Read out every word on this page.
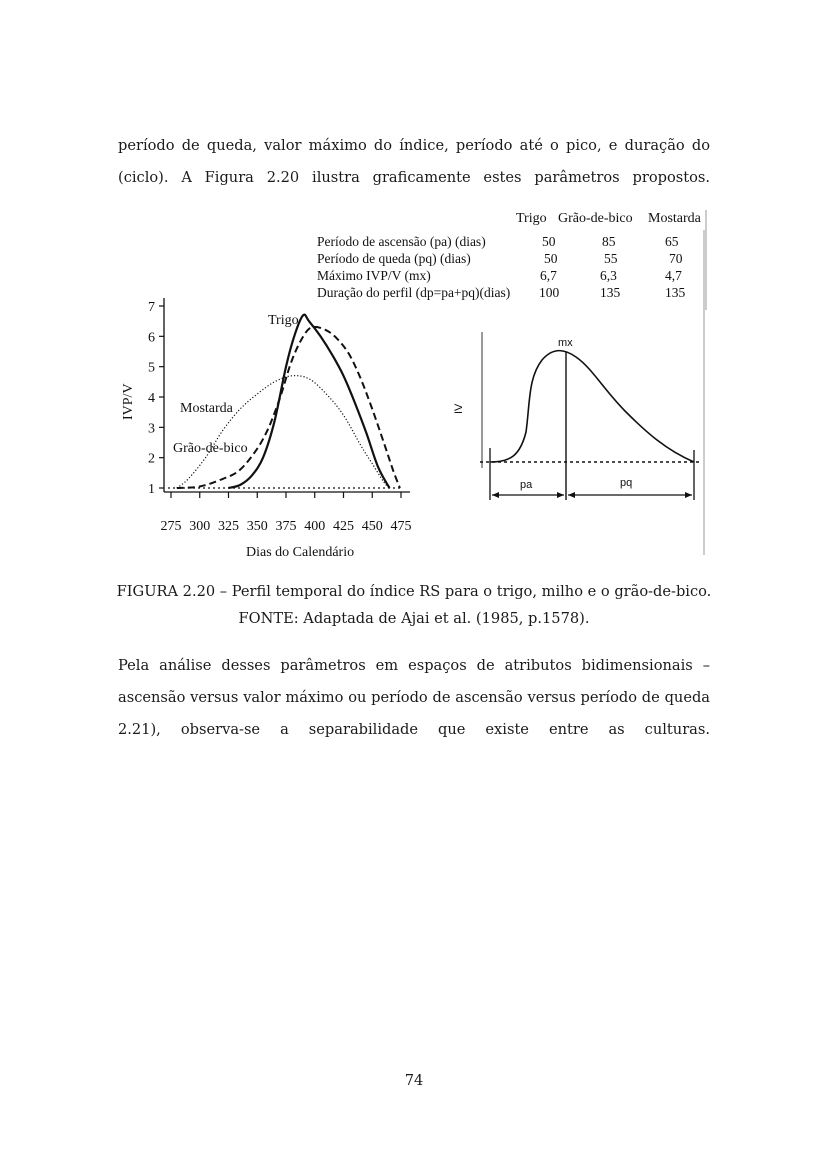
período de queda, valor máximo do índice, período até o pico, e duração do
(ciclo). A Figura 2.20 ilustra graficamente estes parâmetros propostos.
Trigo Grão-de-bico Mostarda
Período de ascensão (pa) (dias)	50	85	65
Período de queda (pq) (dias)	50	55	70
Máximo IVP/V (mx)	6,7	6,3	4,7
Duração do perfil (dp=pa+pq)(dias) 100	135	135
1
2
3
4
5
6
7
275 300 325 350 375 400 425 450 475
IVP/V
Dias do Calendário
Trigo
Mostarda
Grão-de-bico
mx
IV
pa	pq
FIGURA 2.20 – Perfil temporal do índice RS para o trigo, milho e o grão-de-bico.
FONTE: Adaptada de Ajai et al. (1985, p.1578).
Pela análise desses parâmetros em espaços de atributos bidimensionais –
ascensão versus valor máximo ou período de ascensão versus período de queda
2.21), observa-se a separabilidade que existe entre as culturas.
74
